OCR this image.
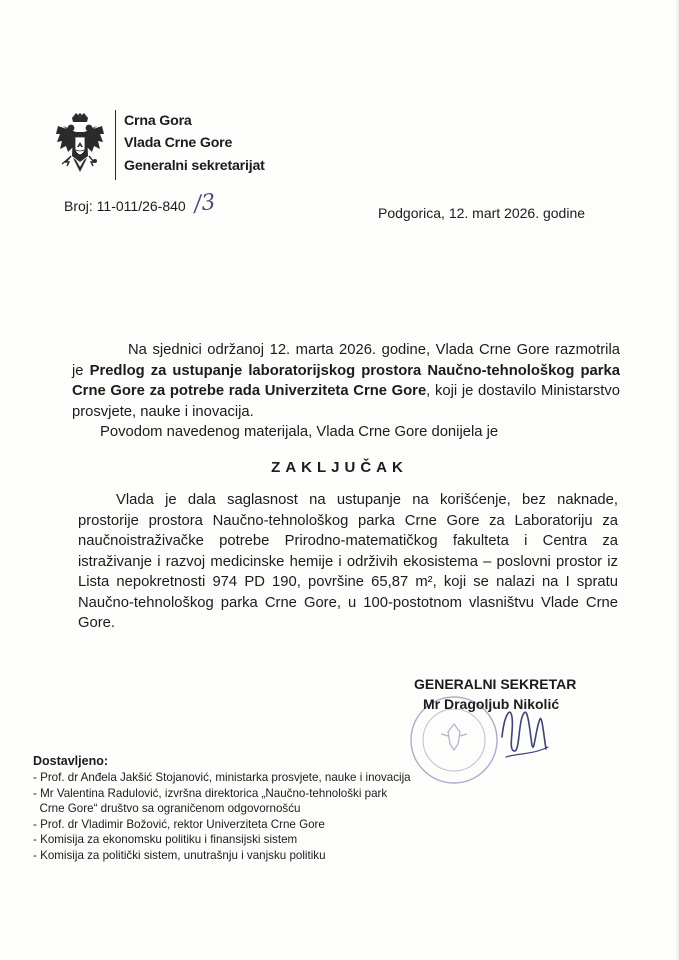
Crna Gora
Vlada Crne Gore
Generalni sekretarijat
Broj: 11-011/26-840 /3	Podgorica, 12. mart 2026. godine
Na sjednici održanoj 12. marta 2026. godine, Vlada Crne Gore razmotrila je Predlog za ustupanje laboratorijskog prostora Naučno-tehnološkog parka Crne Gore za potrebe rada Univerziteta Crne Gore, koji je dostavilo Ministarstvo prosvjete, nauke i inovacija.
Povodom navedenog materijala, Vlada Crne Gore donijela je
ZAKLJUČAK
Vlada je dala saglasnost na ustupanje na korišćenje, bez naknade, prostorije prostora Naučno-tehnološkog parka Crne Gore za Laboratoriju za naučnoistraživačke potrebe Prirodno-matematičkog fakulteta i Centra za istraživanje i razvoj medicinske hemije i održivih ekosistema – poslovni prostor iz Lista nepokretnosti 974 PD 190, površine 65,87 m², koji se nalazi na I spratu Naučno-tehnološkog parka Crne Gore, u 100-postotnom vlasništvu Vlade Crne Gore.
GENERALNI SEKRETAR
Mr Dragoljub Nikolić
Dostavljeno:
- Prof. dr Anđela Jakšić Stojanović, ministarka prosvjete, nauke i inovacija
- Mr Valentina Radulović, izvršna direktorica „Naučno-tehnološki park
Crne Gore“ društvo sa ograničenom odgovornošću
- Prof. dr Vladimir Božović, rektor Univerziteta Crne Gore
- Komisija za ekonomsku politiku i finansijski sistem
- Komisija za politički sistem, unutrašnju i vanjsku politiku
